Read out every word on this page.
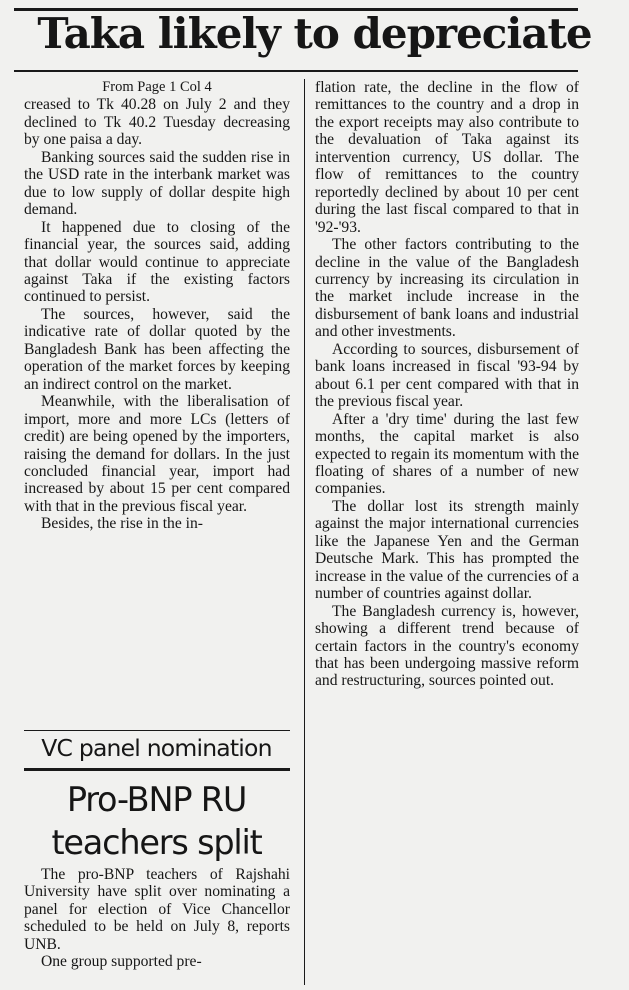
Taka likely to depreciate

From Page 1 Col 4

creased to Tk 40.28 on July 2 and they declined to Tk 40.2 Tuesday decreasing by one paisa a day.

Banking sources said the sudden rise in the USD rate in the interbank market was due to low supply of dollar despite high demand.

It happened due to closing of the financial year, the sources said, adding that dollar would continue to appreciate against Taka if the existing factors continued to persist.

The sources, however, said the indicative rate of dollar quoted by the Bangladesh Bank has been affecting the operation of the market forces by keeping an indirect control on the market.

Meanwhile, with the liberalisation of import, more and more LCs (letters of credit) are being opened by the importers, raising the demand for dollars. In the just concluded financial year, import had increased by about 15 per cent compared with that in the previous fiscal year.

Besides, the rise in the in-

flation rate, the decline in the flow of remittances to the country and a drop in the export receipts may also contribute to the devaluation of Taka against its intervention currency, US dollar. The flow of remittances to the country reportedly declined by about 10 per cent during the last fiscal compared to that in '92-'93.

The other factors contributing to the decline in the value of the Bangladesh currency by increasing its circulation in the market include increase in the disbursement of bank loans and industrial and other investments.

According to sources, disbursement of bank loans increased in fiscal '93-94 by about 6.1 per cent compared with that in the previous fiscal year.

After a 'dry time' during the last few months, the capital market is also expected to regain its momentum with the floating of shares of a number of new companies.

The dollar lost its strength mainly against the major international currencies like the Japanese Yen and the German Deutsche Mark. This has prompted the increase in the value of the currencies of a number of countries against dollar.

The Bangladesh currency is, however, showing a different trend because of certain factors in the country's economy that has been undergoing massive reform and restructuring, sources pointed out.

VC panel nomination
Pro-BNP RU teachers split

The pro-BNP teachers of Rajshahi University have split over nominating a panel for election of Vice Chancellor scheduled to be held on July 8, reports UNB.

One group supported pre-
